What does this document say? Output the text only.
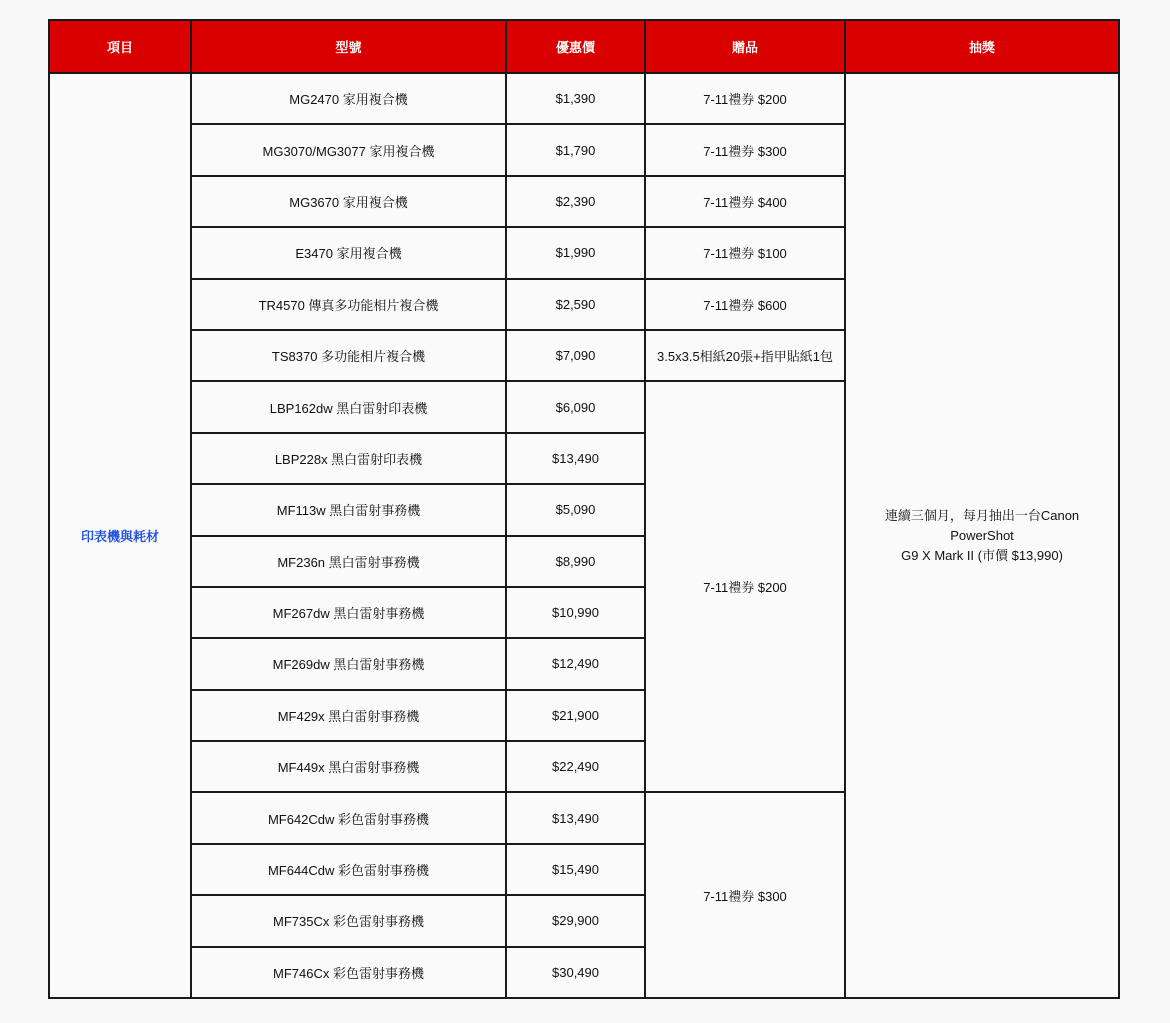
項目	型號	優惠價	贈品	抽獎
印表機與耗材	MG2470 家用複合機	$1,390	7-11禮券 $200	連續三個月，每月抽出一台Canon PowerShot
G9 X Mark II (市價 $13,990)
	MG3070/MG3077 家用複合機	$1,790	7-11禮券 $300	
	MG3670 家用複合機	$2,390	7-11禮券 $400	
	E3470 家用複合機	$1,990	7-11禮券 $100	
	TR4570 傳真多功能相片複合機	$2,590	7-11禮券 $600	
	TS8370 多功能相片複合機	$7,090	3.5x3.5相紙20張+指甲貼紙1包	
	LBP162dw 黑白雷射印表機	$6,090	7-11禮券 $200	
	LBP228x 黑白雷射印表機	$13,490		
	MF113w 黑白雷射事務機	$5,090		
	MF236n 黑白雷射事務機	$8,990		
	MF267dw 黑白雷射事務機	$10,990		
	MF269dw 黑白雷射事務機	$12,490		
	MF429x 黑白雷射事務機	$21,900		
	MF449x 黑白雷射事務機	$22,490		
	MF642Cdw 彩色雷射事務機	$13,490	7-11禮券 $300	
	MF644Cdw 彩色雷射事務機	$15,490		
	MF735Cx 彩色雷射事務機	$29,900		
	MF746Cx 彩色雷射事務機	$30,490		
